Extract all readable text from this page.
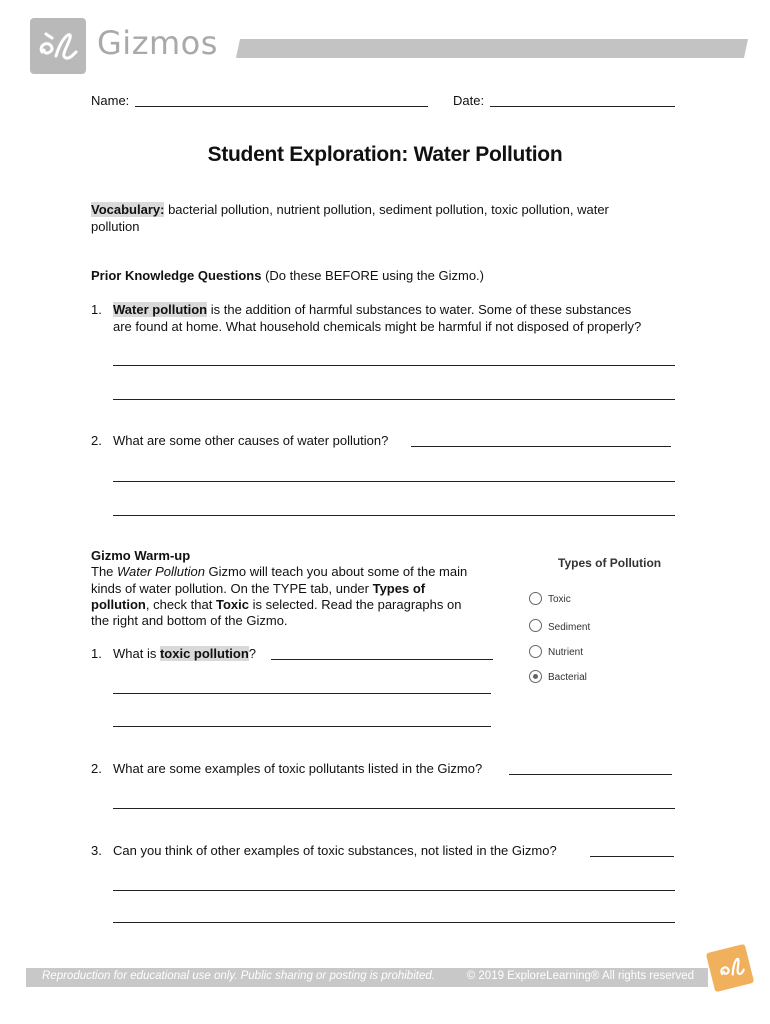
Gizmos
Name:	Date:
Student Exploration: Water Pollution
Vocabulary: bacterial pollution, nutrient pollution, sediment pollution, toxic pollution, water
pollution
Prior Knowledge Questions (Do these BEFORE using the Gizmo.)
1. Water pollution is the addition of harmful substances to water. Some of these substances
are found at home. What household chemicals might be harmful if not disposed of properly?
2. What are some other causes of water pollution?
Gizmo Warm-up
The Water Pollution Gizmo will teach you about some of the main
kinds of water pollution. On the TYPE tab, under Types of
pollution, check that Toxic is selected. Read the paragraphs on
the right and bottom of the Gizmo.
1. What is toxic pollution?
Types of Pollution
Toxic
Sediment
Nutrient
Bacterial
2. What are some examples of toxic pollutants listed in the Gizmo?
3. Can you think of other examples of toxic substances, not listed in the Gizmo?
Reproduction for educational use only. Public sharing or posting is prohibited.	© 2019 ExploreLearning® All rights reserved
